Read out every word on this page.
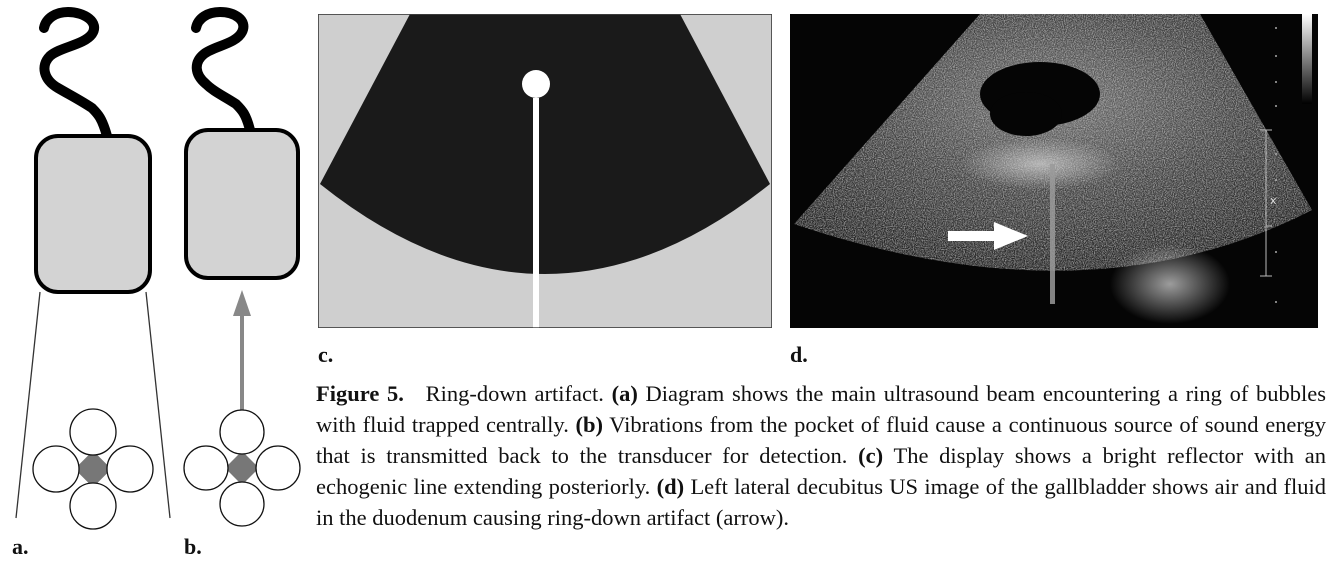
a.	b.
c.
x
d.
Figure 5. Ring-down artifact. (a) Diagram shows the main ultrasound beam encountering a ring of bubbles with fluid trapped centrally. (b) Vibrations from the pocket of fluid cause a continuous source of sound energy that is transmitted back to the transducer for detection. (c) The display shows a bright reflector with an echogenic line extending posteriorly. (d) Left lateral decubitus US image of the gallbladder shows air and fluid in the duodenum causing ring-down artifact (arrow).
